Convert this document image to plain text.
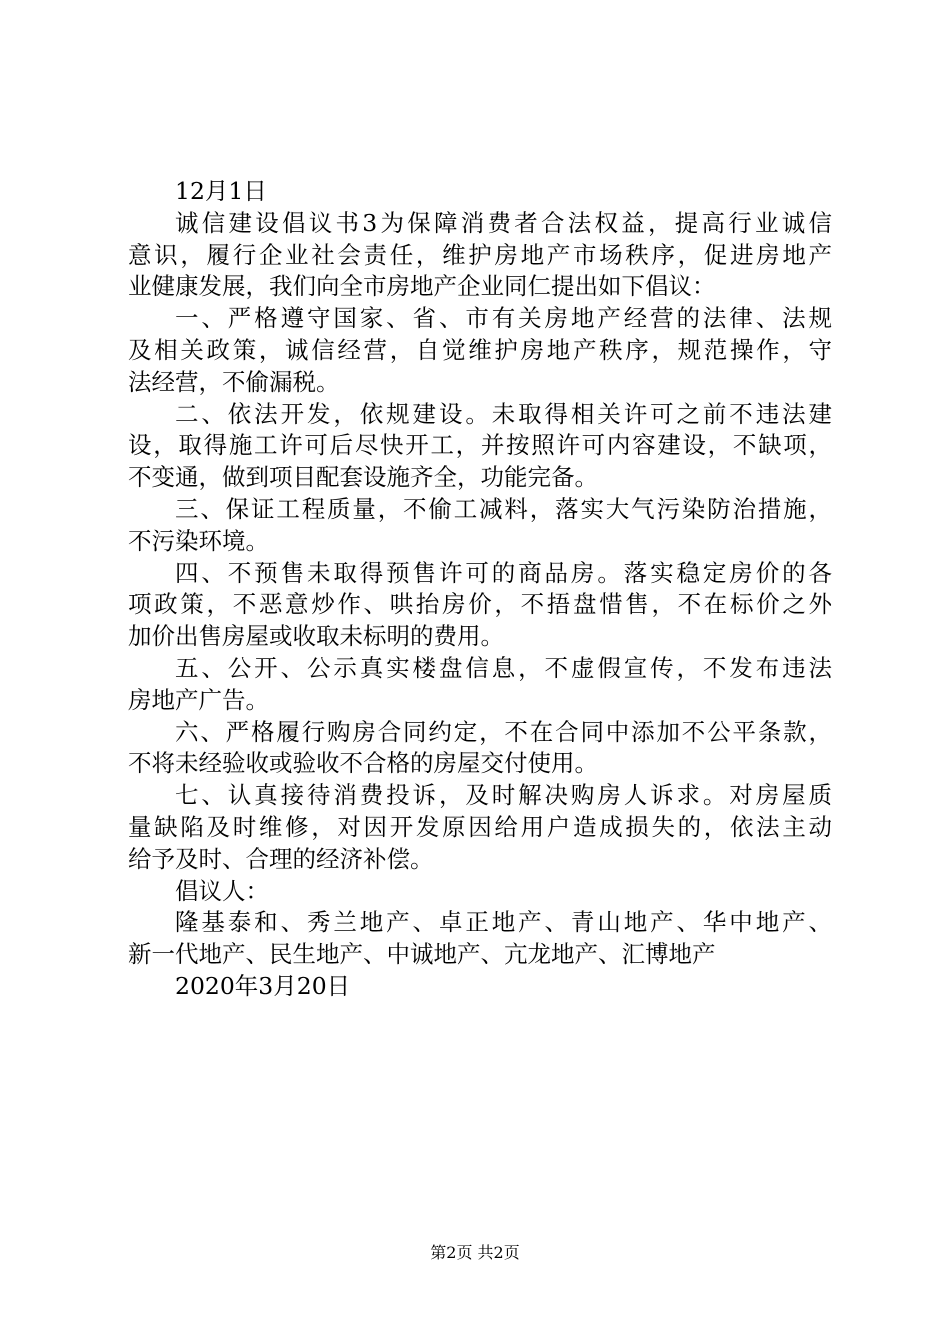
12月1日
诚信建设倡议书3为保障消费者合法权益，提高行业诚信
意识，履行企业社会责任，维护房地产市场秩序，促进房地产
业健康发展，我们向全市房地产企业同仁提出如下倡议：
一、严格遵守国家、省、市有关房地产经营的法律、法规
及相关政策，诚信经营，自觉维护房地产秩序，规范操作，守
法经营，不偷漏税。
二、依法开发，依规建设。未取得相关许可之前不违法建
设，取得施工许可后尽快开工，并按照许可内容建设，不缺项，
不变通，做到项目配套设施齐全，功能完备。
三、保证工程质量，不偷工减料，落实大气污染防治措施，
不污染环境。
四、不预售未取得预售许可的商品房。落实稳定房价的各
项政策，不恶意炒作、哄抬房价，不捂盘惜售，不在标价之外
加价出售房屋或收取未标明的费用。
五、公开、公示真实楼盘信息，不虚假宣传，不发布违法
房地产广告。
六、严格履行购房合同约定，不在合同中添加不公平条款，
不将未经验收或验收不合格的房屋交付使用。
七、认真接待消费投诉，及时解决购房人诉求。对房屋质
量缺陷及时维修，对因开发原因给用户造成损失的，依法主动
给予及时、合理的经济补偿。
倡议人：
隆基泰和、秀兰地产、卓正地产、青山地产、华中地产、
新一代地产、民生地产、中诚地产、亢龙地产、汇博地产
2020年3月20日
第2页 共2页
